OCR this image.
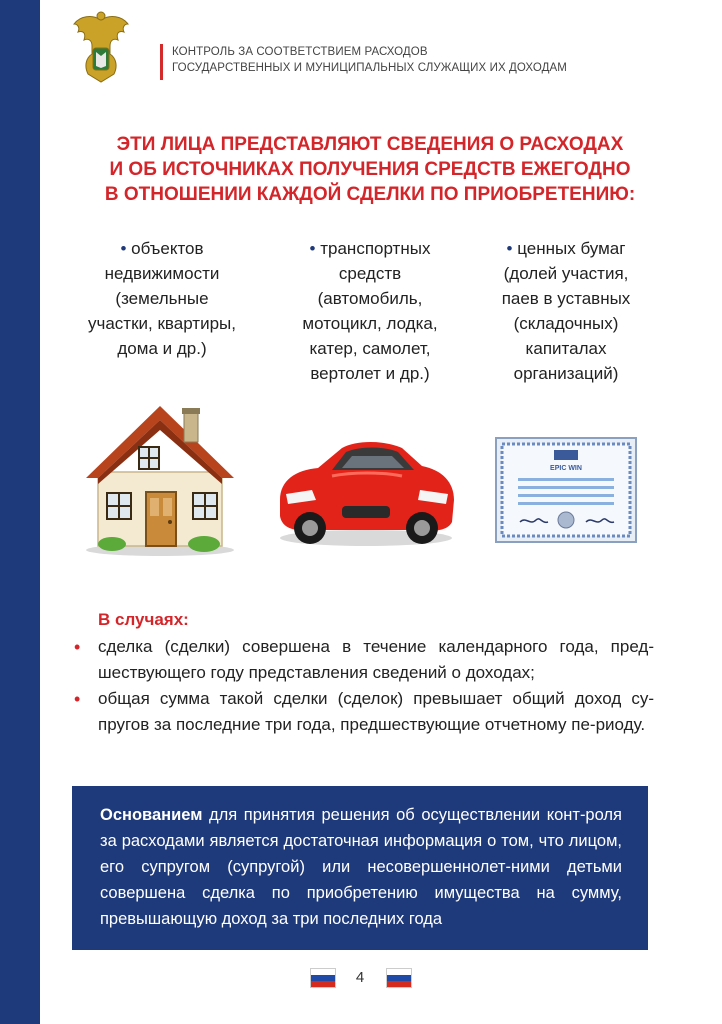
КОНТРОЛЬ ЗА СООТВЕТСТВИЕМ РАСХОДОВ
ГОСУДАРСТВЕННЫХ И МУНИЦИПАЛЬНЫХ СЛУЖАЩИХ ИХ ДОХОДАМ
ЭТИ ЛИЦА ПРЕДСТАВЛЯЮТ СВЕДЕНИЯ О РАСХОДАХ
И ОБ ИСТОЧНИКАХ ПОЛУЧЕНИЯ СРЕДСТВ ЕЖЕГОДНО
В ОТНОШЕНИИ КАЖДОЙ СДЕЛКИ ПО ПРИОБРЕТЕНИЮ:
• объектов
недвижимости
(земельные
участки, квартиры,
дома и др.)
• транспортных
средств
(автомобиль,
мотоцикл, лодка,
катер, самолет,
вертолет и др.)
• ценных бумаг
(долей участия,
паев в уставных
(складочных)
капиталах
организаций)
EPIC WIN
В случаях:
• сделка (сделки) совершена в течение календарного года, пред-шествующего году представления сведений о доходах;
• общая сумма такой сделки (сделок) превышает общий доход су-пругов за последние три года, предшествующие отчетному пе-риоду.
Основанием для принятия решения об осуществлении конт-роля за расходами является достаточная информация о том, что лицом, его супругом (супругой) или несовершеннолет-ними детьми совершена сделка по приобретению имущества на сумму, превышающую доход за три последних года
4
